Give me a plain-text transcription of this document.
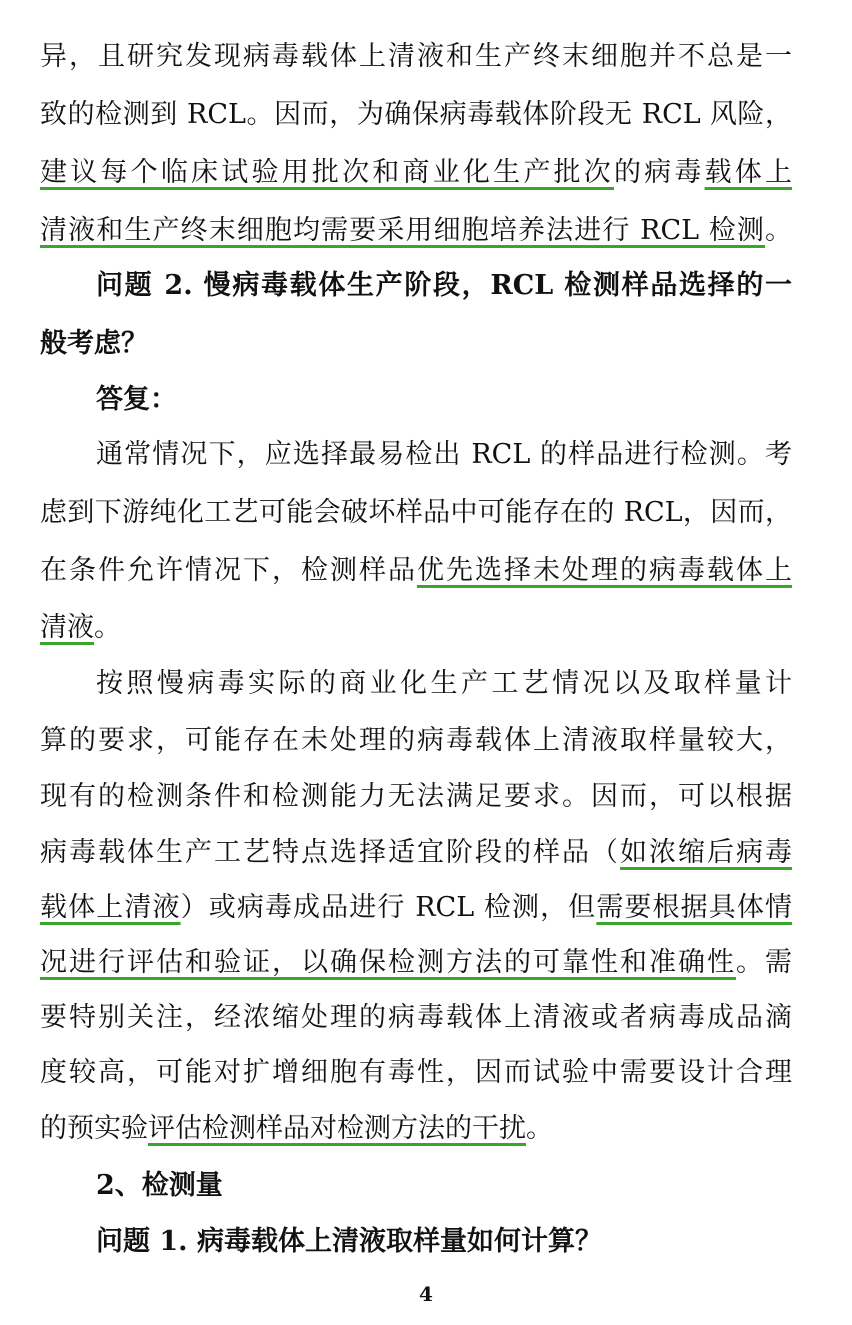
异，且研究发现病毒载体上清液和生产终末细胞并不总是一
致的检测到 RCL。因而，为确保病毒载体阶段无 RCL 风险，
建议每个临床试验用批次和商业化生产批次的病毒载体上
清液和生产终末细胞均需要采用细胞培养法进行 RCL 检测。
问题 2. 慢病毒载体生产阶段，RCL 检测样品选择的一
般考虑？
答复：
通常情况下，应选择最易检出 RCL 的样品进行检测。考
虑到下游纯化工艺可能会破坏样品中可能存在的 RCL，因而，
在条件允许情况下，检测样品优先选择未处理的病毒载体上
清液。
按照慢病毒实际的商业化生产工艺情况以及取样量计
算的要求，可能存在未处理的病毒载体上清液取样量较大，
现有的检测条件和检测能力无法满足要求。因而，可以根据
病毒载体生产工艺特点选择适宜阶段的样品（如浓缩后病毒
载体上清液）或病毒成品进行 RCL 检测，但需要根据具体情
况进行评估和验证，以确保检测方法的可靠性和准确性。需
要特别关注，经浓缩处理的病毒载体上清液或者病毒成品滴
度较高，可能对扩增细胞有毒性，因而试验中需要设计合理
的预实验评估检测样品对检测方法的干扰。
2、检测量
问题 1. 病毒载体上清液取样量如何计算？
4
